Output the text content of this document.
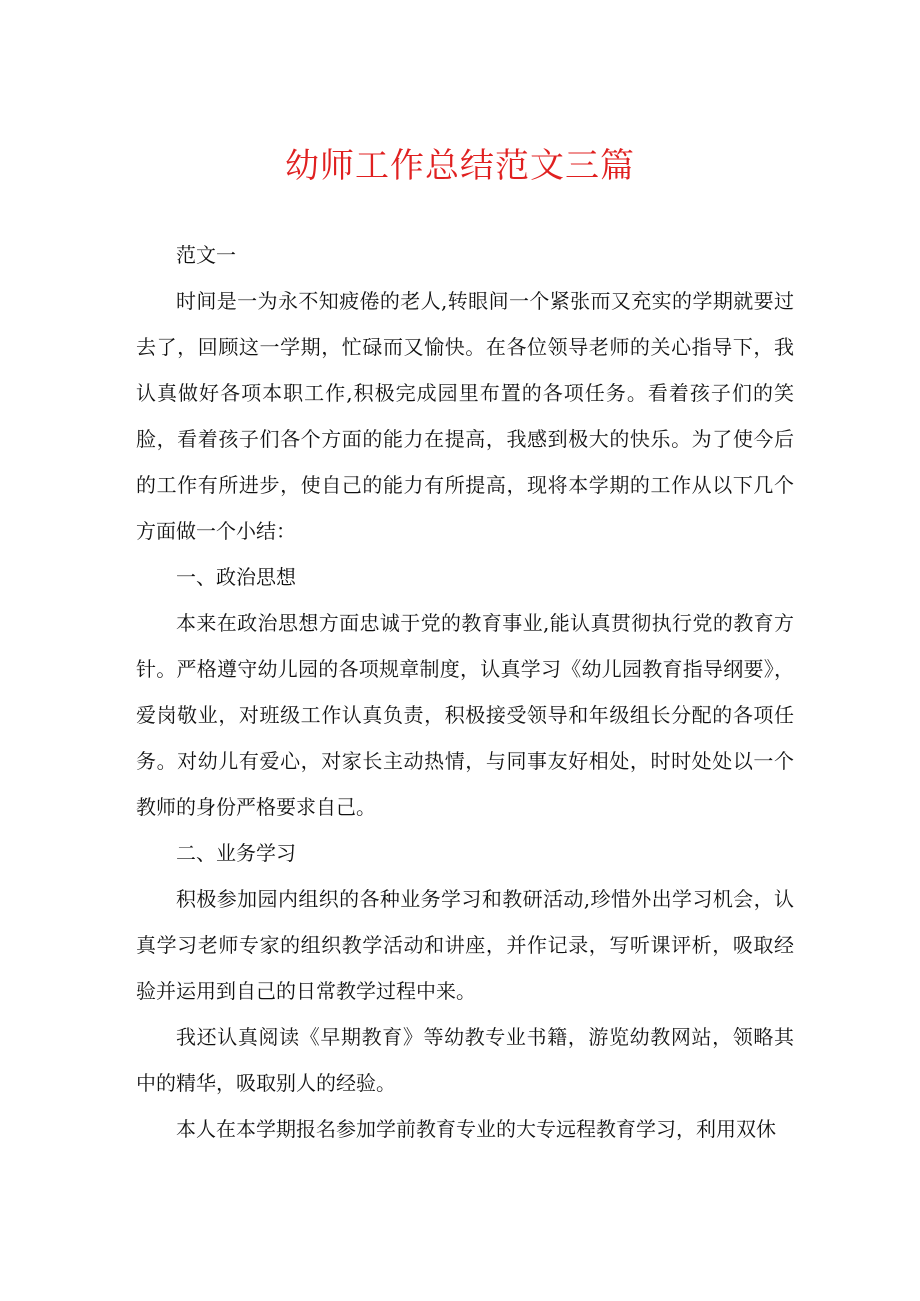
幼师工作总结范文三篇

范文一

时间是一为永不知疲倦的老人,转眼间一个紧张而又充实的学期就要过去了，回顾这一学期，忙碌而又愉快。在各位领导老师的关心指导下，我认真做好各项本职工作,积极完成园里布置的各项任务。看着孩子们的笑脸，看着孩子们各个方面的能力在提高，我感到极大的快乐。为了使今后的工作有所进步，使自己的能力有所提高，现将本学期的工作从以下几个方面做一个小结：

一、政治思想

本来在政治思想方面忠诚于党的教育事业,能认真贯彻执行党的教育方针。严格遵守幼儿园的各项规章制度，认真学习《幼儿园教育指导纲要》，爱岗敬业，对班级工作认真负责，积极接受领导和年级组长分配的各项任务。对幼儿有爱心，对家长主动热情，与同事友好相处，时时处处以一个教师的身份严格要求自己。

二、业务学习

积极参加园内组织的各种业务学习和教研活动,珍惜外出学习机会，认真学习老师专家的组织教学活动和讲座，并作记录，写听课评析，吸取经验并运用到自己的日常教学过程中来。

我还认真阅读《早期教育》等幼教专业书籍，游览幼教网站，领略其中的精华，吸取别人的经验。

本人在本学期报名参加学前教育专业的大专远程教育学习，利用双休
